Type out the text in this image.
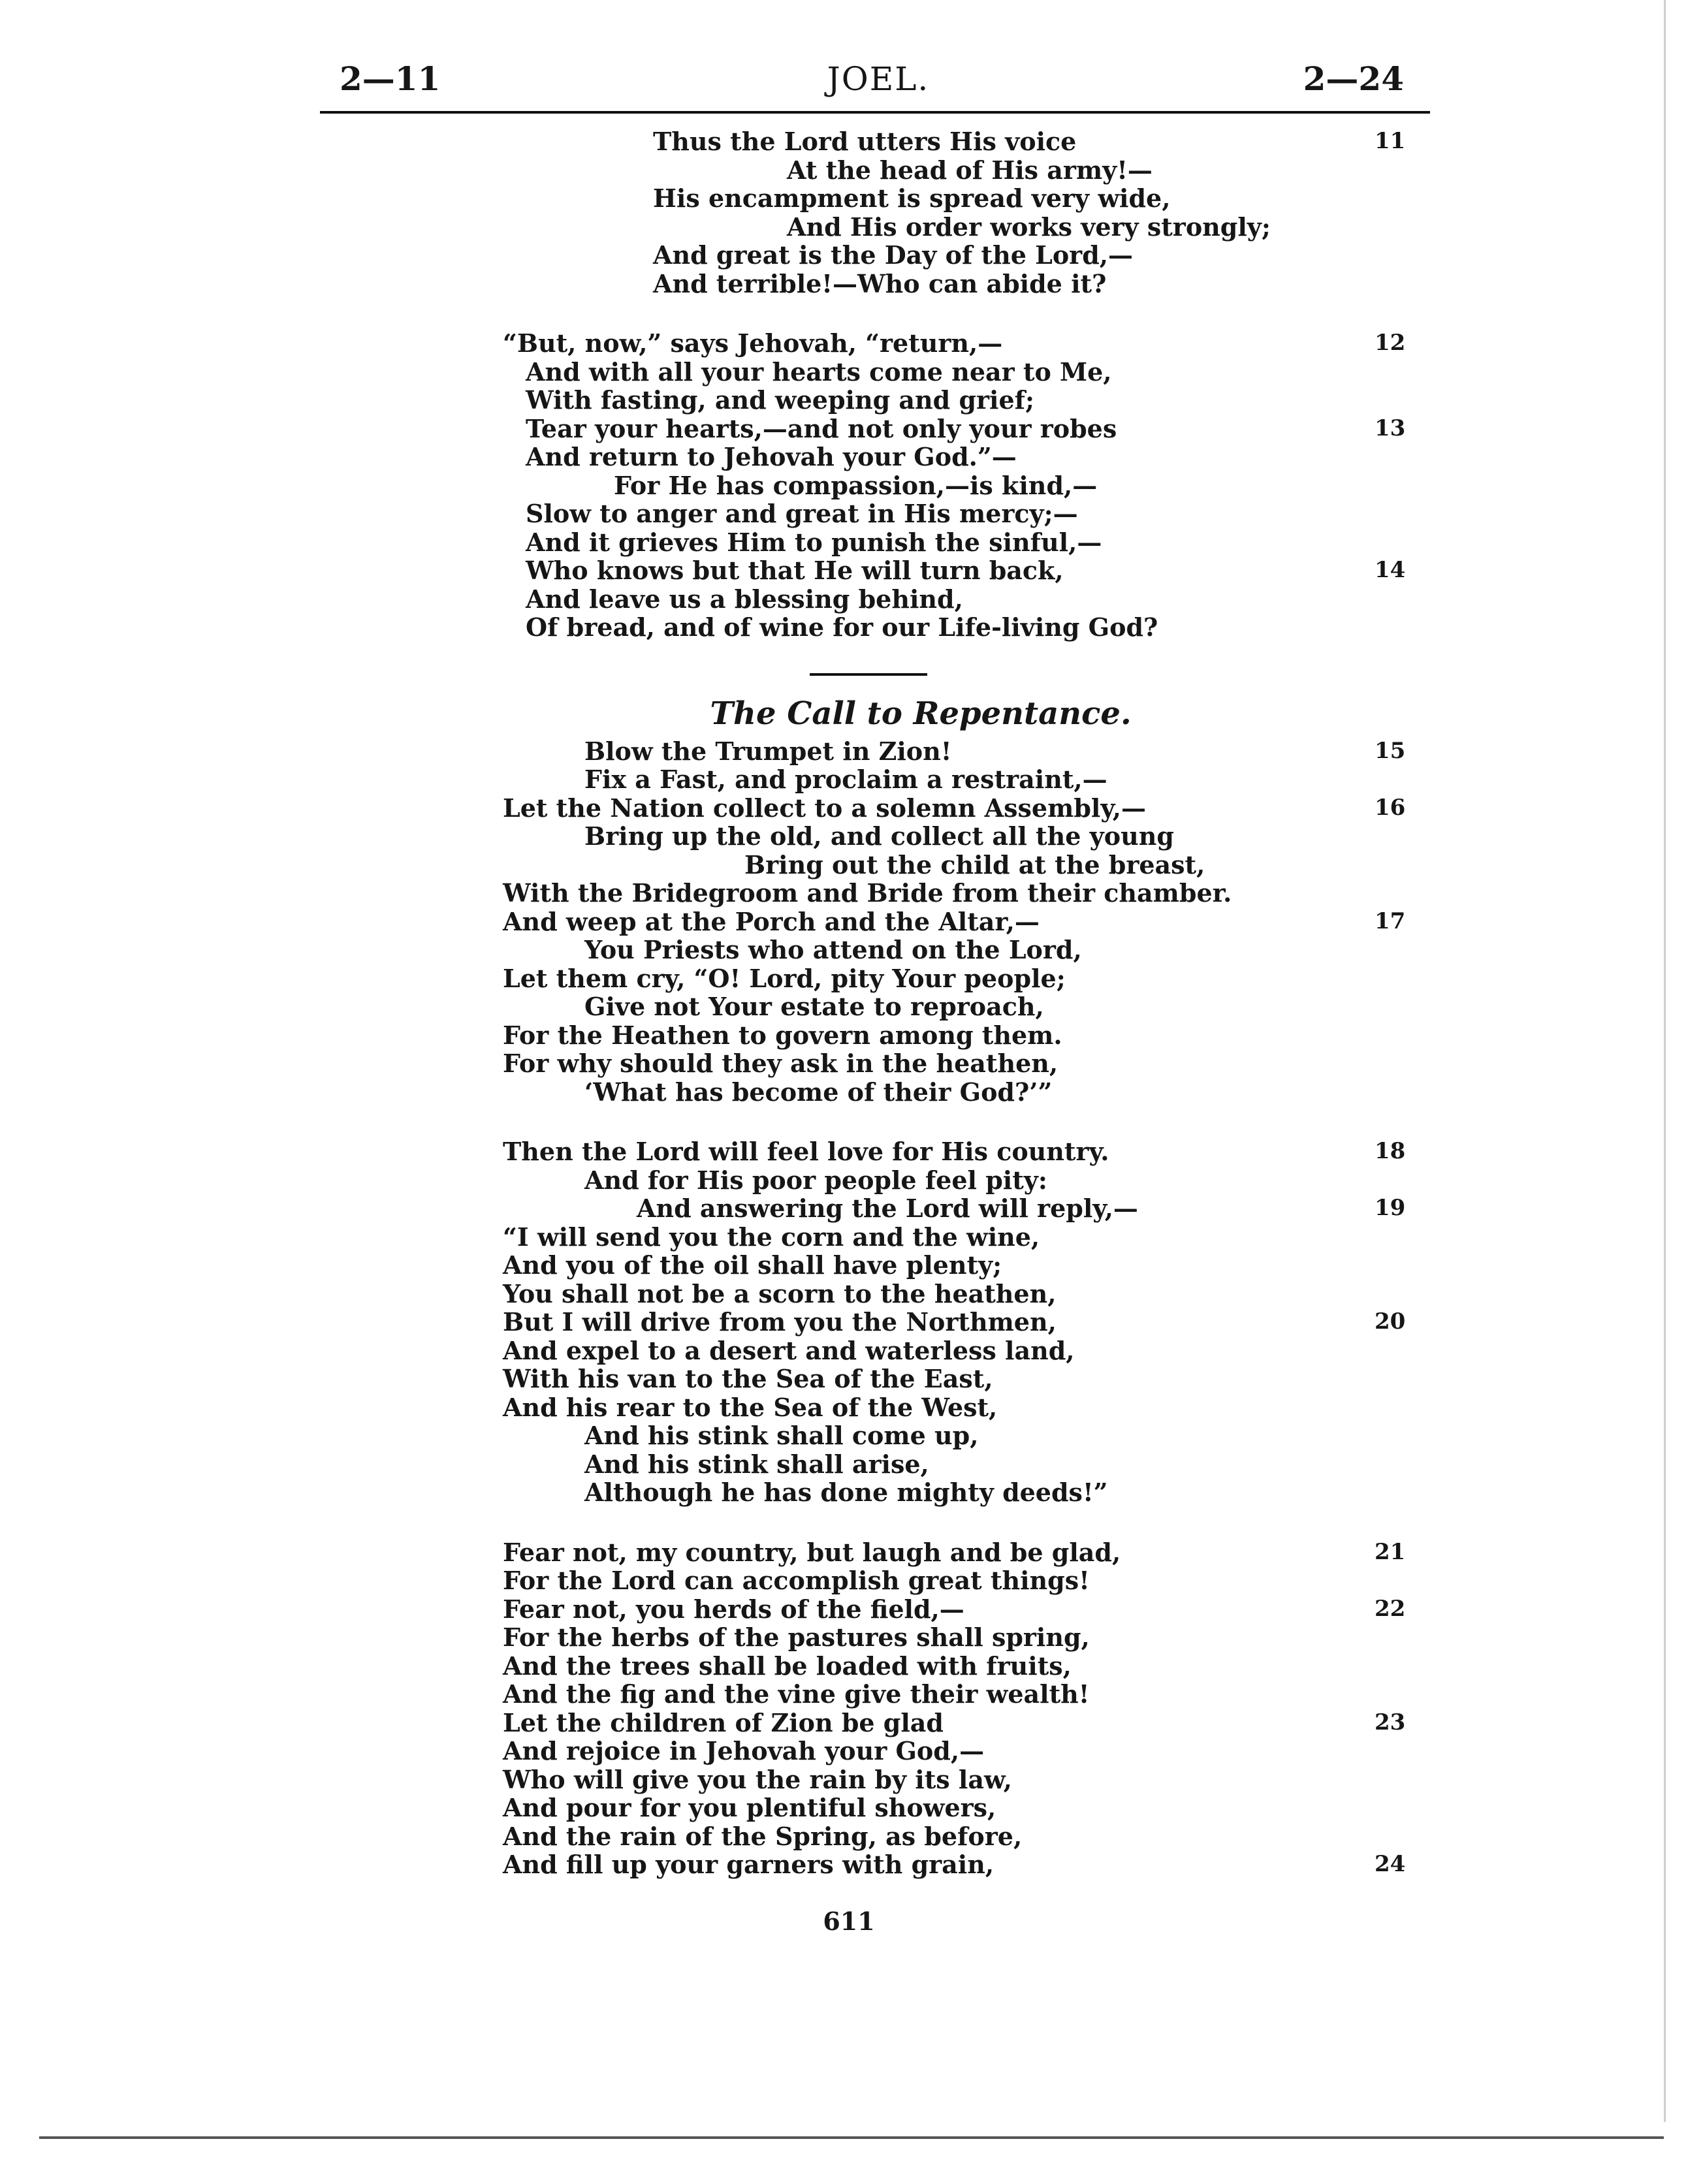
2—11	JOEL.	2—24
Thus the Lord utters His voice	11
At the head of His army!—
His encampment is spread very wide,
And His order works very strongly;
And great is the Day of the Lord,—
And terrible!—Who can abide it?
“But, now,” says Jehovah, “return,—	12
And with all your hearts come near to Me,
With fasting, and weeping and grief;
Tear your hearts,—and not only your robes	13
And return to Jehovah your God.”—
For He has compassion,—is kind,—
Slow to anger and great in His mercy;—
And it grieves Him to punish the sinful,—
Who knows but that He will turn back,	14
And leave us a blessing behind,
Of bread, and of wine for our Life-living God?
The Call to Repentance.
Blow the Trumpet in Zion!	15
Fix a Fast, and proclaim a restraint,—
Let the Nation collect to a solemn Assembly,—	16
Bring up the old, and collect all the young
Bring out the child at the breast,
With the Bridegroom and Bride from their chamber.
And weep at the Porch and the Altar,—	17
You Priests who attend on the Lord,
Let them cry, “O! Lord, pity Your people;
Give not Your estate to reproach,
For the Heathen to govern among them.
For why should they ask in the heathen,
‘What has become of their God?’”
Then the Lord will feel love for His country.	18
And for His poor people feel pity:
And answering the Lord will reply,—	19
“I will send you the corn and the wine,
And you of the oil shall have plenty;
You shall not be a scorn to the heathen,
But I will drive from you the Northmen,	20
And expel to a desert and waterless land,
With his van to the Sea of the East,
And his rear to the Sea of the West,
And his stink shall come up,
And his stink shall arise,
Although he has done mighty deeds!”
Fear not, my country, but laugh and be glad,	21
For the Lord can accomplish great things!
Fear not, you herds of the field,—	22
For the herbs of the pastures shall spring,
And the trees shall be loaded with fruits,
And the fig and the vine give their wealth!
Let the children of Zion be glad	23
And rejoice in Jehovah your God,—
Who will give you the rain by its law,
And pour for you plentiful showers,
And the rain of the Spring, as before,
And fill up your garners with grain,	24
611
